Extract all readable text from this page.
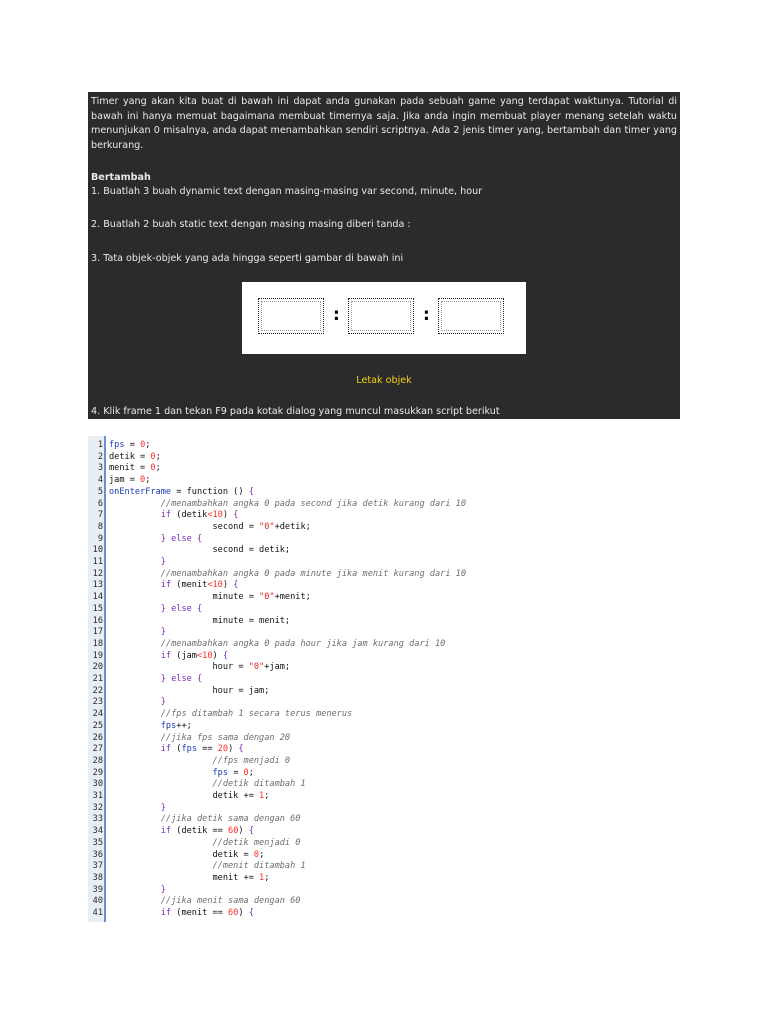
Timer yang akan kita buat di bawah ini dapat anda gunakan pada sebuah game yang terdapat waktunya. Tutorial di bawah ini hanya memuat bagaimana membuat timernya saja. Jika anda ingin membuat player menang setelah waktu menunjukan 0 misalnya, anda dapat menambahkan sendiri scriptnya. Ada 2 jenis timer yang, bertambah dan timer yang berkurang.

Bertambah

1. Buatlah 3 buah dynamic text dengan masing-masing var second, minute, hour

2. Buatlah 2 buah static text dengan masing masing diberi tanda :

3. Tata objek-objek yang ada hingga seperti gambar di bawah ini

:	:
Letak objek

4. Klik frame 1 dan tekan F9 pada kotak dialog yang muncul masukkan script berikut

1 fps = 0;
2 detik = 0;
3 menit = 0;
4 jam = 0;
5 onEnterFrame = function () {
6	//menambahkan angka 0 pada second jika detik kurang dari 10
7	if (detik<10) {
8 second = "0"+detik;
9	} else {
10 second = detik;
11	}
12	//menambahkan angka 0 pada minute jika menit kurang dari 10
13	if (menit<10) {
14 minute = "0"+menit;
15	} else {
16 minute = menit;
17	}
18	//menambahkan angka 0 pada hour jika jam kurang dari 10
19	if (jam<10) {
20 hour = "0"+jam;
21	} else {
22 hour = jam;
23	}
24	//fps ditambah 1 secara terus menerus
25	fps++;
26	//jika fps sama dengan 20
27	if (fps == 20) {
28	//fps menjadi 0
29	fps = 0;
30	//detik ditambah 1
31 detik += 1;
32	}
33	//jika detik sama dengan 60
34	if (detik == 60) {
35	//detik menjadi 0
36 detik = 0;
37	//menit ditambah 1
38 menit += 1;
39	}
40	//jika menit sama dengan 60
41	if (menit == 60) {
